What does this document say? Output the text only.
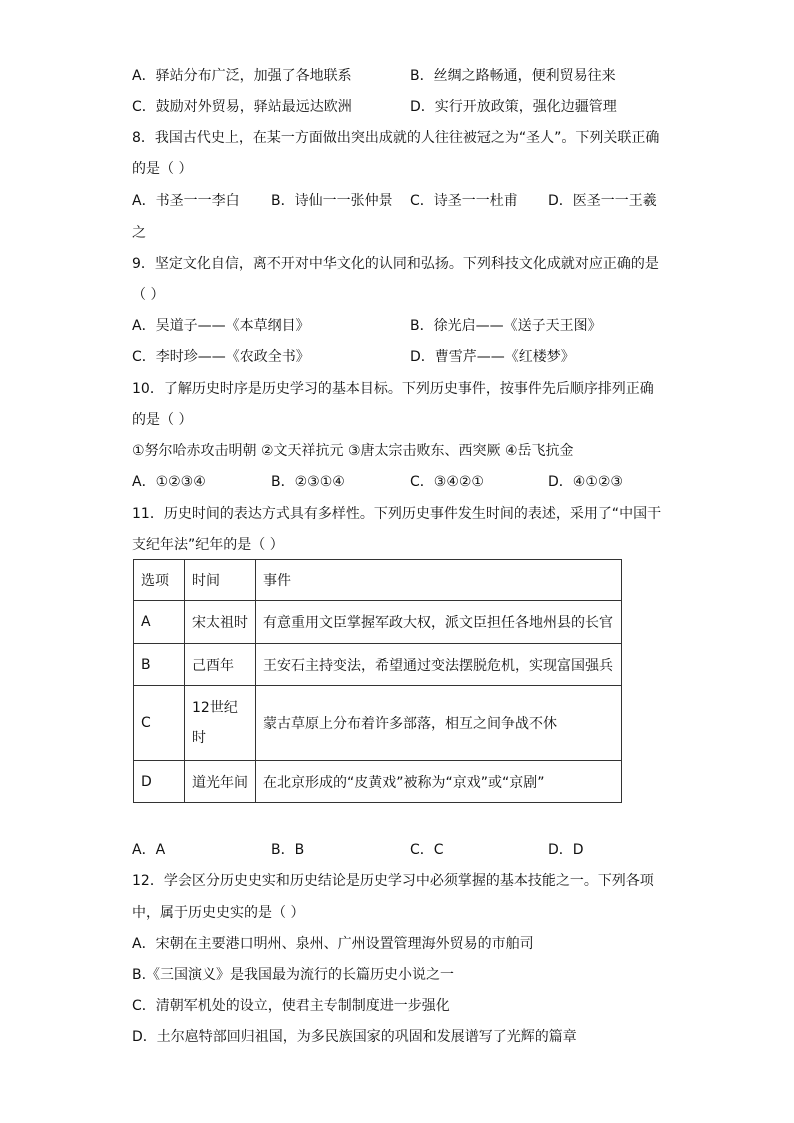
A．驿站分布广泛，加强了各地联系	B．丝绸之路畅通，便利贸易往来
C．鼓励对外贸易，驿站最远达欧洲	D．实行开放政策，强化边疆管理
8．我国古代史上，在某一方面做出突出成就的人往往被冠之为“圣人”。下列关联正确
的是（ ）
A．书圣一一李白 B．诗仙一一张仲景 C．诗圣一一杜甫 D．医圣一一王羲
之
9．坚定文化自信，离不开对中华文化的认同和弘扬。下列科技文化成就对应正确的是
（ ）
A．吴道子——《本草纲目》	B．徐光启——《送子天王图》
C．李时珍——《农政全书》	D．曹雪芹——《红楼梦》
10．了解历史时序是历史学习的基本目标。下列历史事件，按事件先后顺序排列正确
的是（ ）
①努尔哈赤攻击明朝 ②文天祥抗元 ③唐太宗击败东、西突厥 ④岳飞抗金
A．①②③④	B．②③①④	C．③④②①	D．④①②③
11．历史时间的表达方式具有多样性。下列历史事件发生时间的表述，采用了“中国干
支纪年法”纪年的是（ ）
选项	时间	事件
A	宋太祖时	有意重用文臣掌握军政大权，派文臣担任各地州县的长官
B	己酉年	王安石主持变法，希望通过变法摆脱危机，实现富国强兵
C	12世纪时	蒙古草原上分布着许多部落，相互之间争战不休
D	道光年间	在北京形成的“皮黄戏”被称为“京戏”或“京剧”
A．A	B．B	C．C	D．D
12．学会区分历史史实和历史结论是历史学习中必须掌握的基本技能之一。下列各项
中，属于历史史实的是（ ）
A．宋朝在主要港口明州、泉州、广州设置管理海外贸易的市舶司
B.《三国演义》是我国最为流行的长篇历史小说之一
C．清朝军机处的设立，使君主专制制度进一步强化
D．土尔扈特部回归祖国，为多民族国家的巩固和发展谱写了光辉的篇章
